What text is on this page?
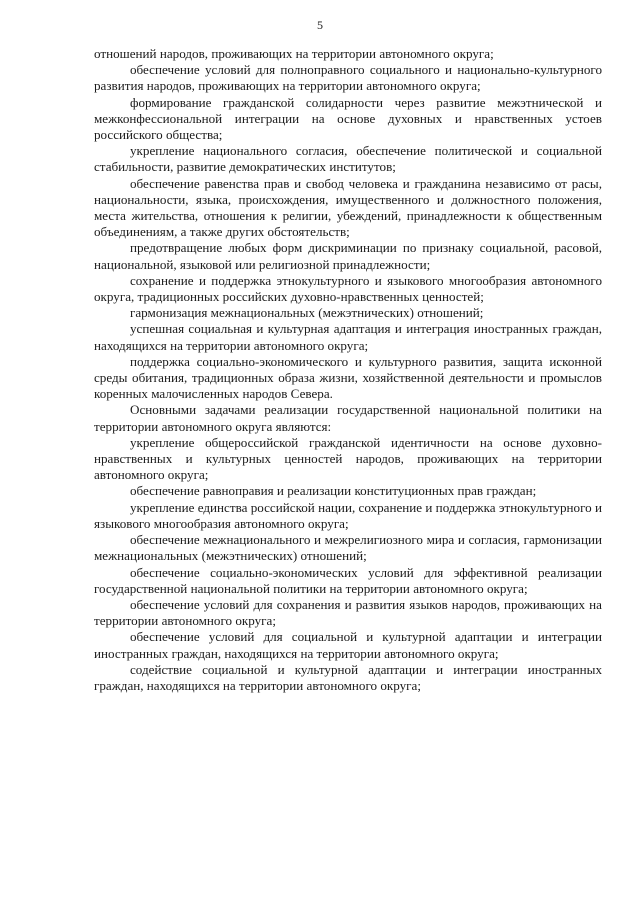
5

отношений народов, проживающих на территории автономного округа;

обеспечение условий для полноправного социального и национально-культурного развития народов, проживающих на территории автономного округа;

формирование гражданской солидарности через развитие межэтнической и межконфессиональной интеграции на основе духовных и нравственных устоев российского общества;

укрепление национального согласия, обеспечение политической и социальной стабильности, развитие демократических институтов;

обеспечение равенства прав и свобод человека и гражданина независимо от расы, национальности, языка, происхождения, имущественного и должностного положения, места жительства, отношения к религии, убеждений, принадлежности к общественным объединениям, а также других обстоятельств;

предотвращение любых форм дискриминации по признаку социальной, расовой, национальной, языковой или религиозной принадлежности;

сохранение и поддержка этнокультурного и языкового многообразия автономного округа, традиционных российских духовно-нравственных ценностей;

гармонизация межнациональных (межэтнических) отношений;

успешная социальная и культурная адаптация и интеграция иностранных граждан, находящихся на территории автономного округа;

поддержка социально-экономического и культурного развития, защита исконной среды обитания, традиционных образа жизни, хозяйственной деятельности и промыслов коренных малочисленных народов Севера.

Основными задачами реализации государственной национальной политики на территории автономного округа являются:

укрепление общероссийской гражданской идентичности на основе духовно-нравственных и культурных ценностей народов, проживающих на территории автономного округа;

обеспечение равноправия и реализации конституционных прав граждан;

укрепление единства российской нации, сохранение и поддержка этнокультурного и языкового многообразия автономного округа;

обеспечение межнационального и межрелигиозного мира и согласия, гармонизации межнациональных (межэтнических) отношений;

обеспечение социально-экономических условий для эффективной реализации государственной национальной политики на территории автономного округа;

обеспечение условий для сохранения и развития языков народов, проживающих на территории автономного округа;

обеспечение условий для социальной и культурной адаптации и интеграции иностранных граждан, находящихся на территории автономного округа;

содействие социальной и культурной адаптации и интеграции иностранных граждан, находящихся на территории автономного округа;
